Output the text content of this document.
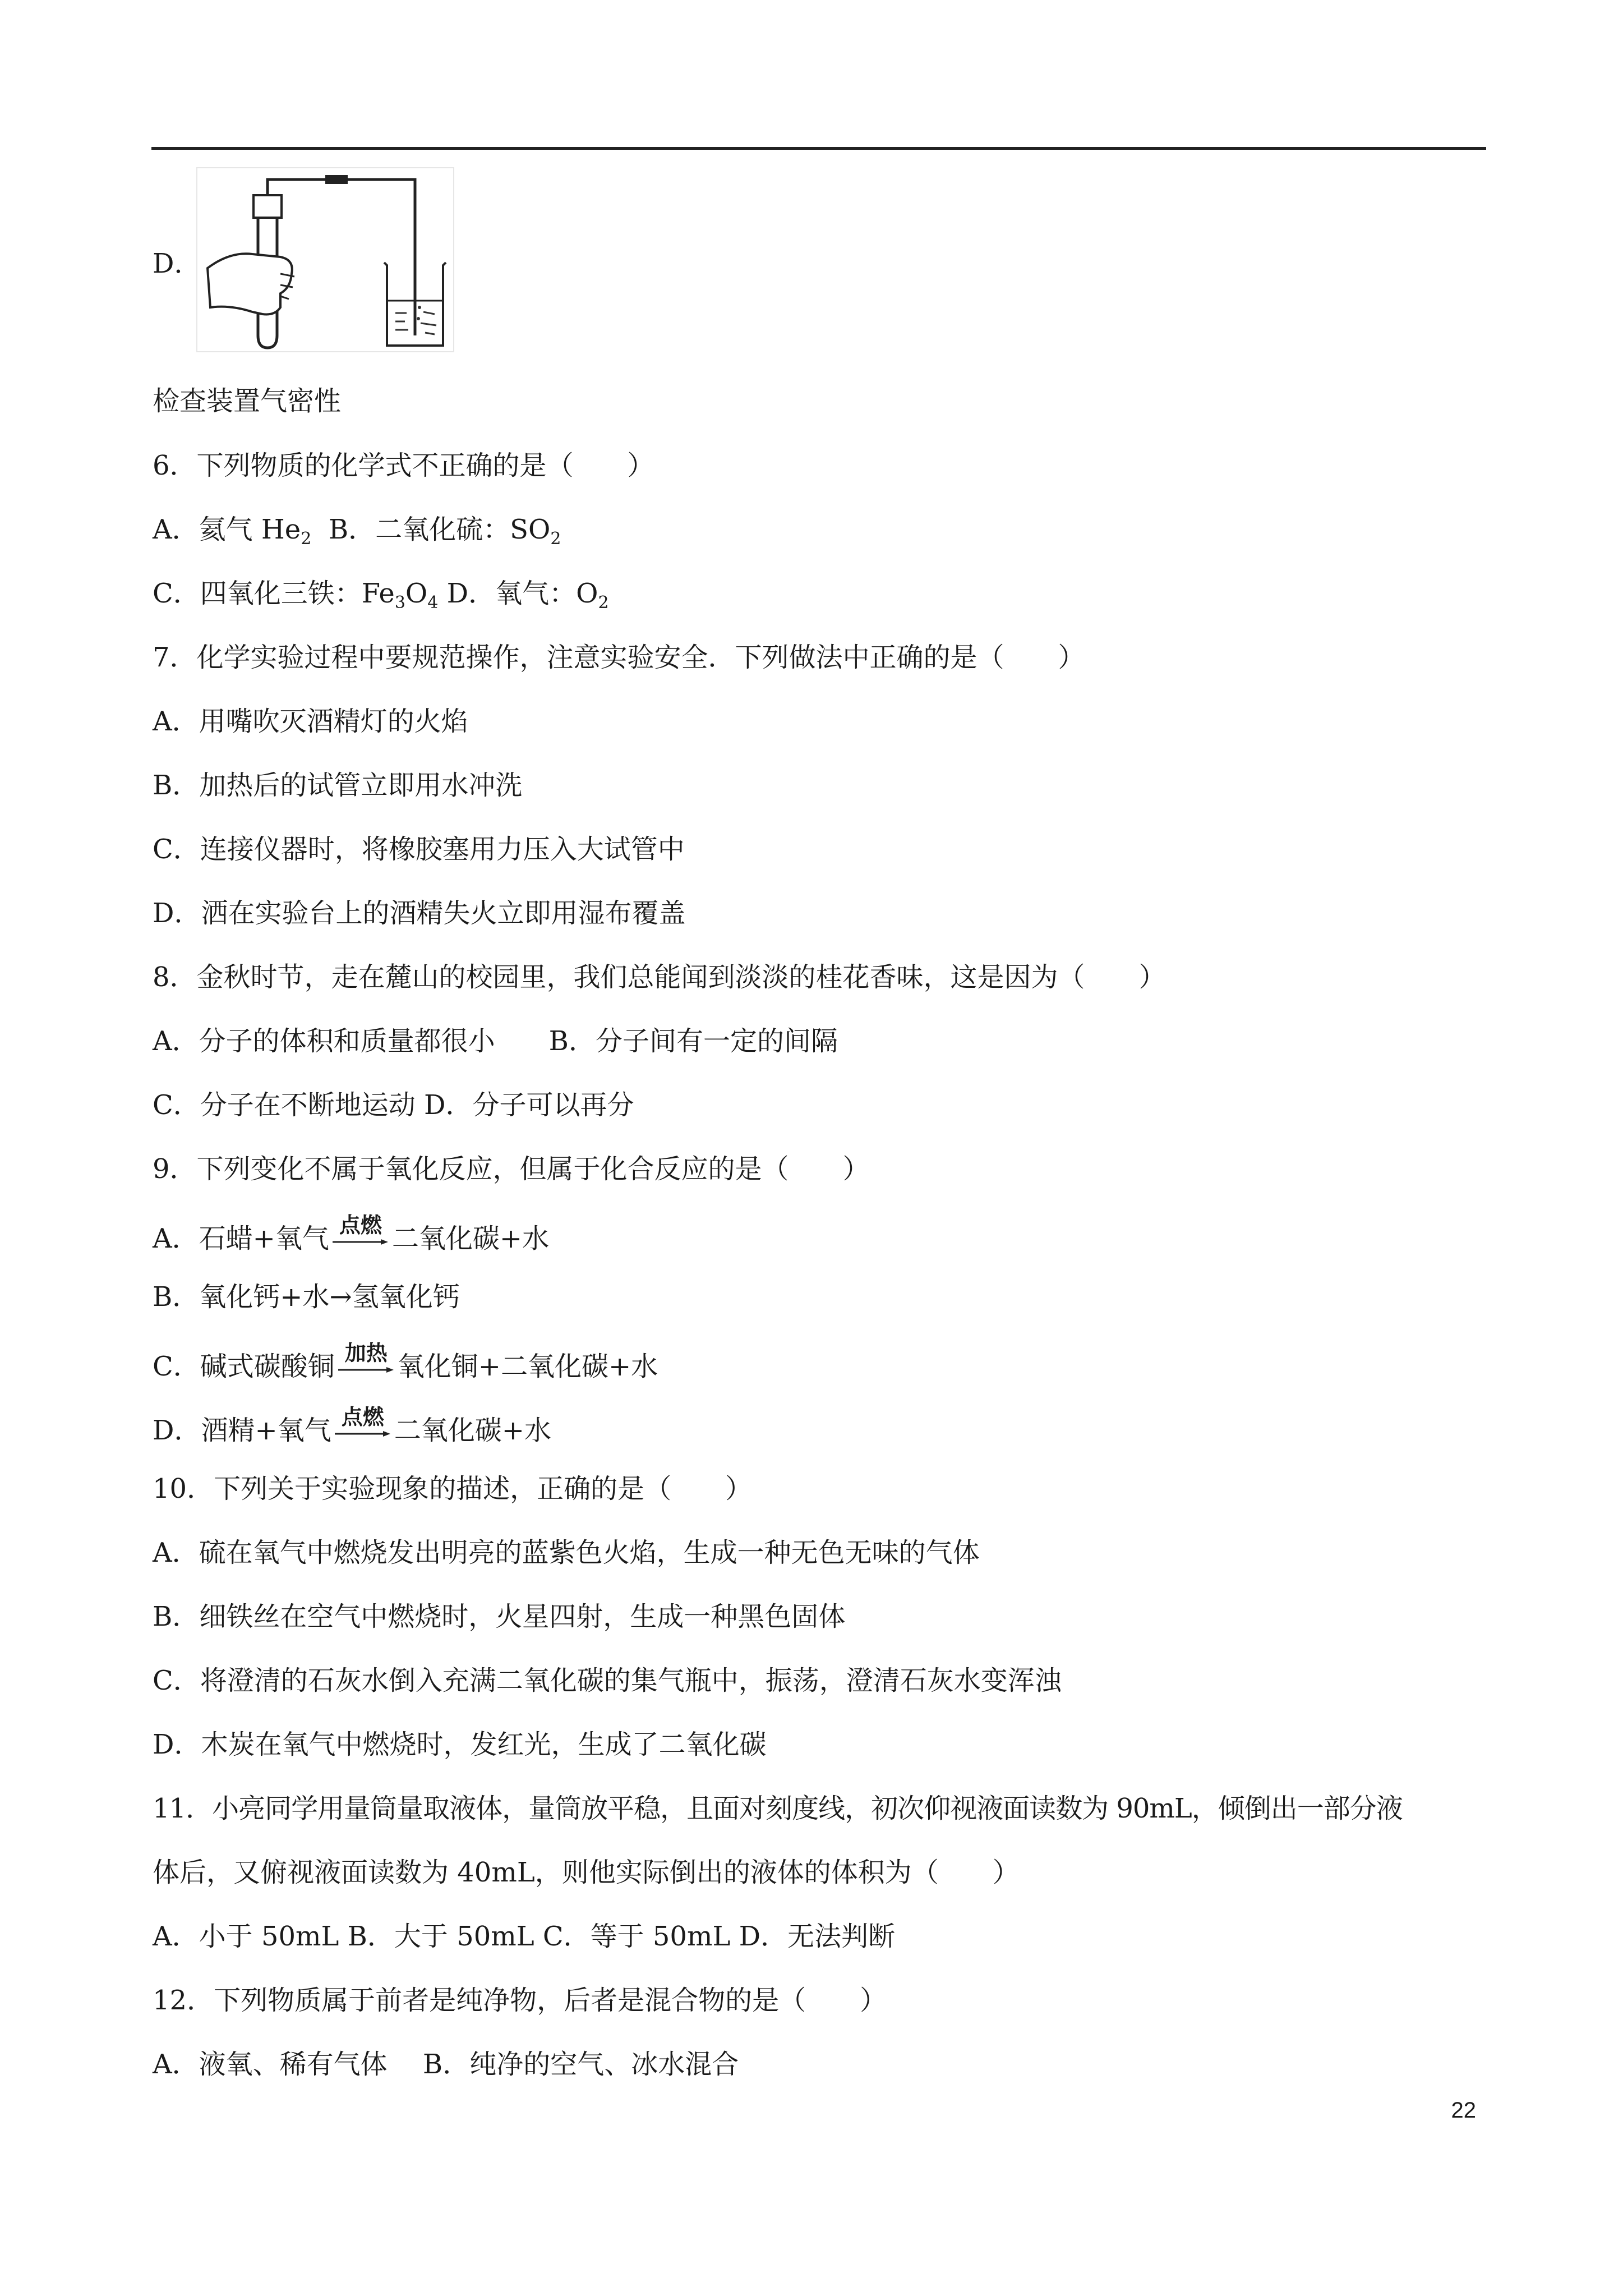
D．
检查装置气密性
6．下列物质的化学式不正确的是（　　）
A．氦气 $He_2$  B．二氧化硫：$SO_2$
C．四氧化三铁：$Fe_3O_4$ D．氧气：$O_2$
7．化学实验过程中要规范操作，注意实验安全．下列做法中正确的是（　　）
A．用嘴吹灭酒精灯的火焰
B．加热后的试管立即用水冲洗
C．连接仪器时，将橡胶塞用力压入大试管中
D．洒在实验台上的酒精失火立即用湿布覆盖
8．金秋时节，走在麓山的校园里，我们总能闻到淡淡的桂花香味，这是因为（　　）
A．分子的体积和质量都很小　　B．分子间有一定的间隔
C．分子在不断地运动 D．分子可以再分
9．下列变化不属于氧化反应，但属于化合反应的是（　　）
A．石蜡+氧气 点燃 二氧化碳+水
B．氧化钙+水→氢氧化钙
C．碱式碳酸铜 加热 氧化铜+二氧化碳+水
D．酒精+氧气 点燃 二氧化碳+水
10．下列关于实验现象的描述，正确的是（　　）
A．硫在氧气中燃烧发出明亮的蓝紫色火焰，生成一种无色无味的气体
B．细铁丝在空气中燃烧时，火星四射，生成一种黑色固体
C．将澄清的石灰水倒入充满二氧化碳的集气瓶中，振荡，澄清石灰水变浑浊
D．木炭在氧气中燃烧时，发红光，生成了二氧化碳
11．小亮同学用量筒量取液体，量筒放平稳，且面对刻度线，初次仰视液面读数为 90mL，倾倒出一部分液
体后，又俯视液面读数为 40mL，则他实际倒出的液体的体积为（　　）
A．小于 50mL B．大于 50mL C．等于 50mL D．无法判断
12．下列物质属于前者是纯净物，后者是混合物的是（　　）
A．液氧、稀有气体　 B．纯净的空气、冰水混合
22
